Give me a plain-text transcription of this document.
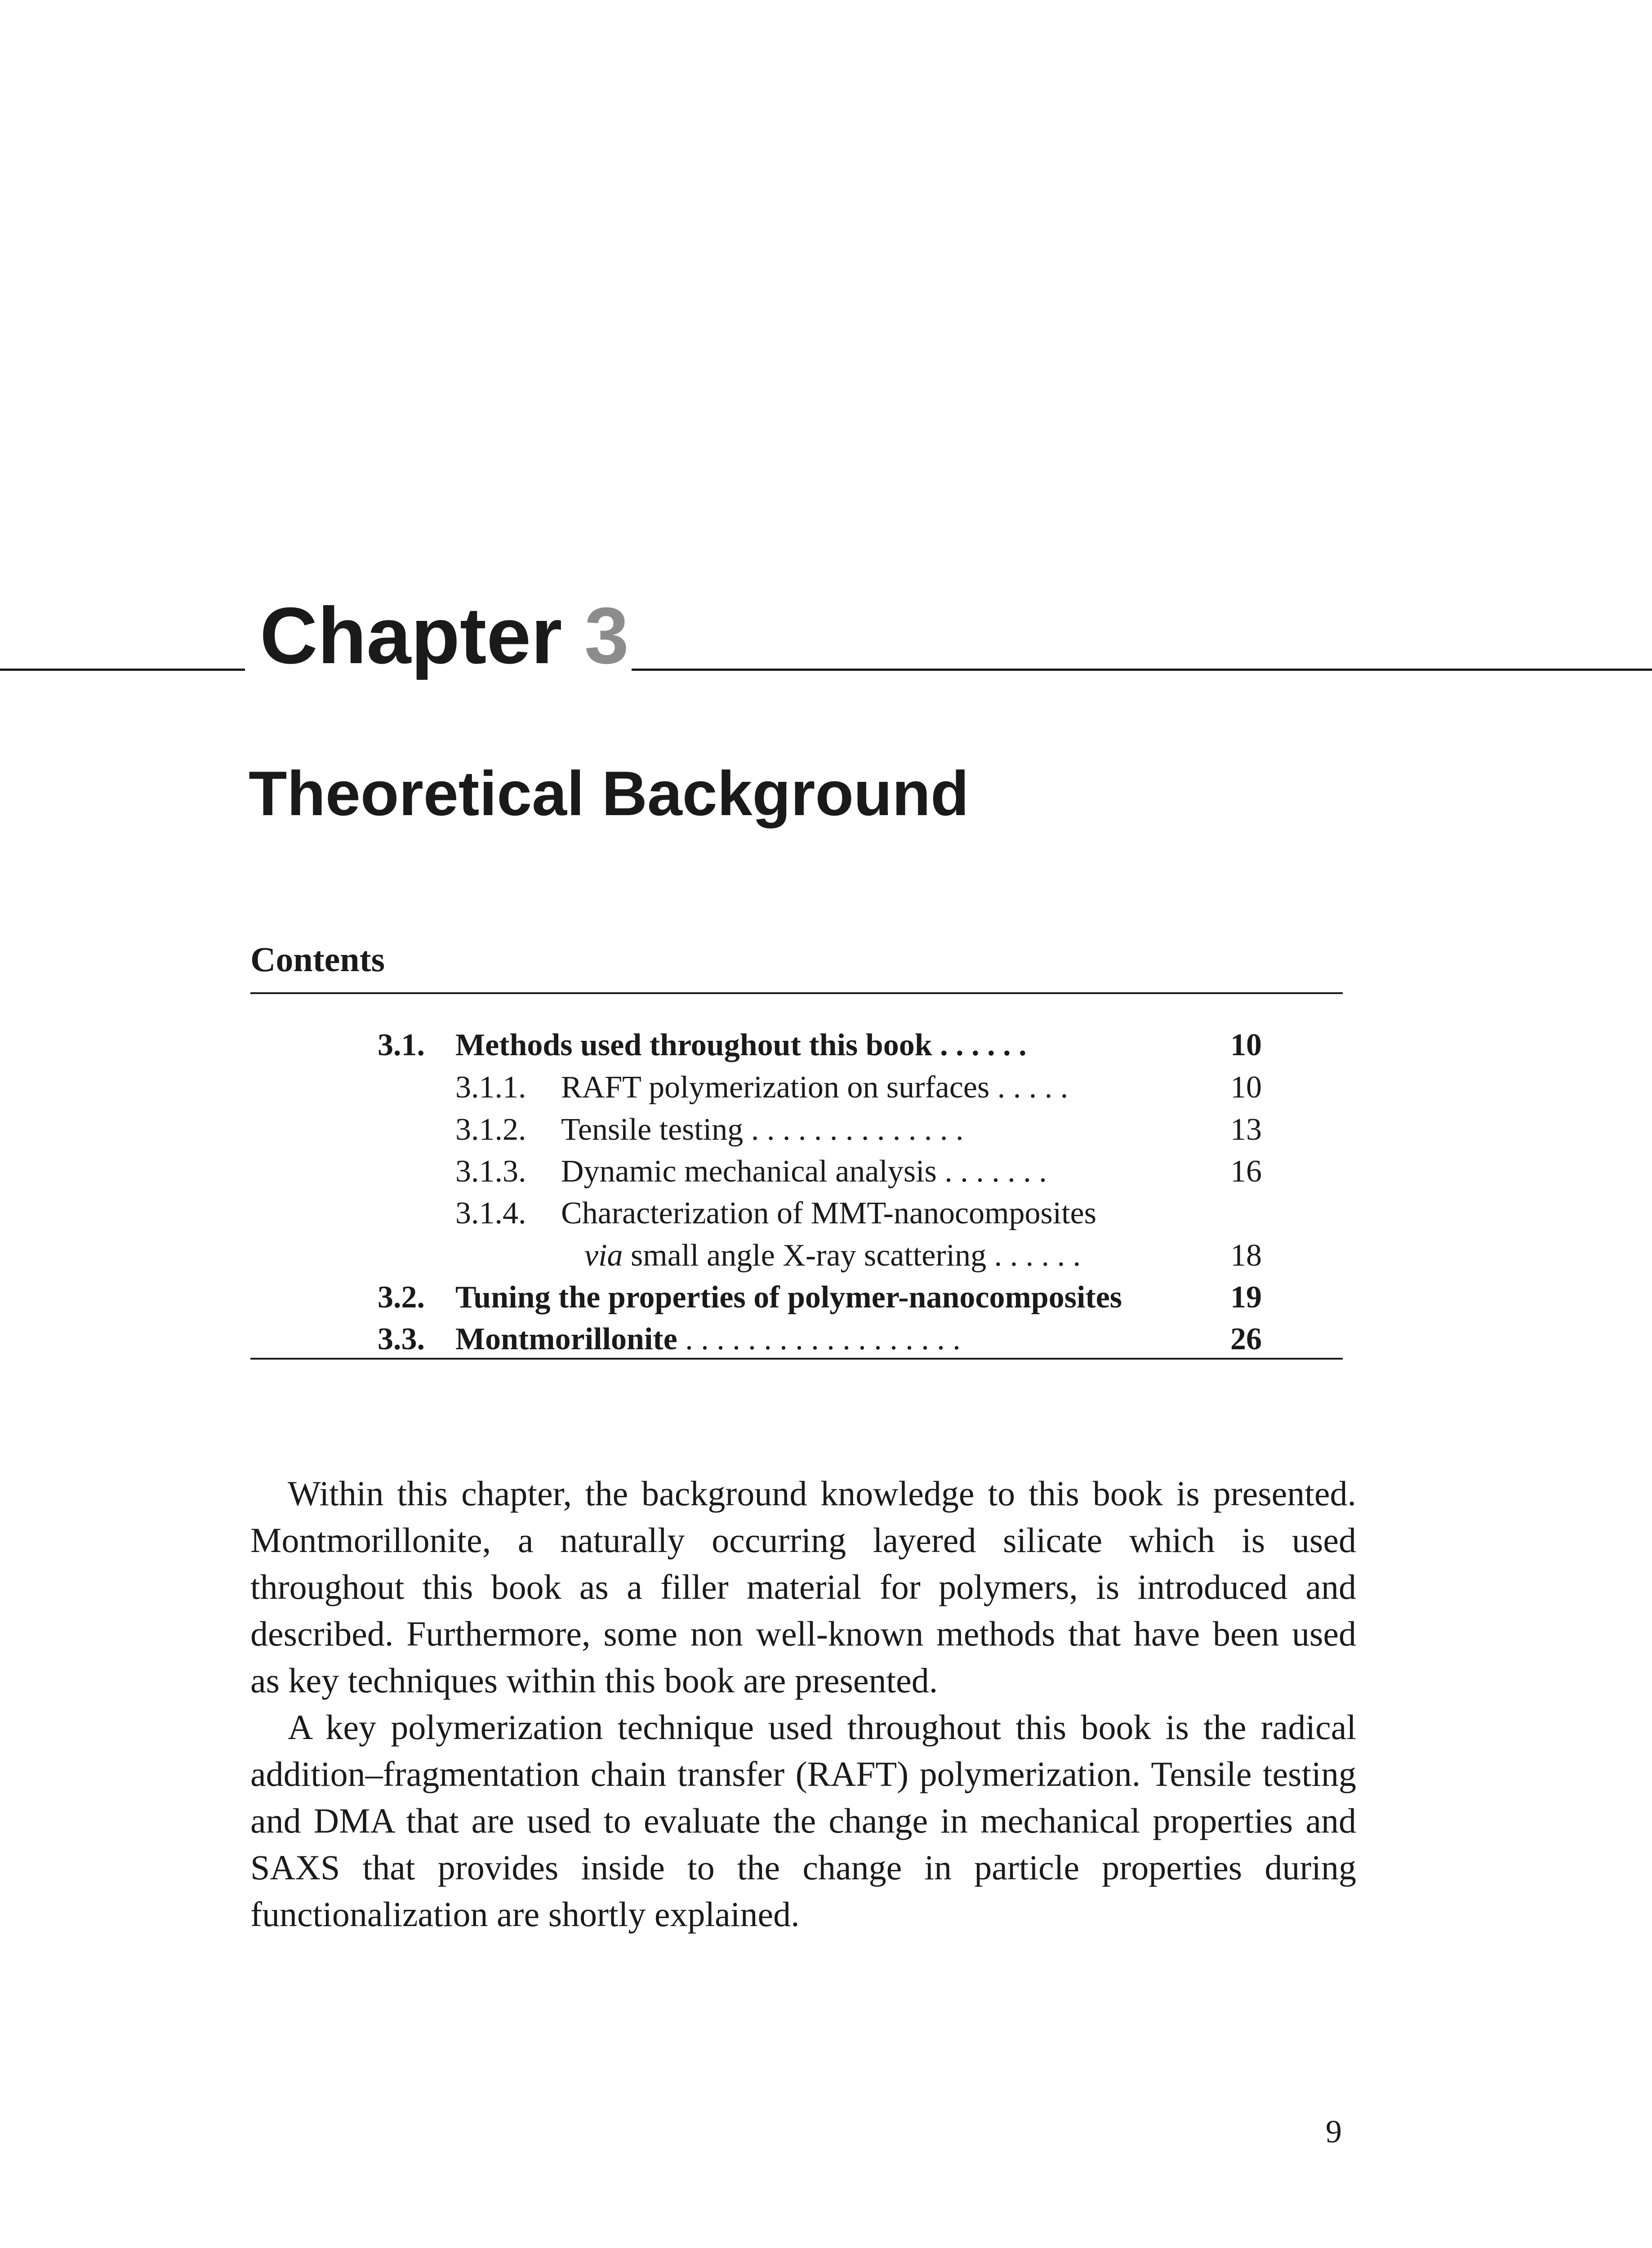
Chapter 3
Theoretical Background
Contents
3.1. Methods used throughout this book . . . . . .	10
3.1.1. RAFT polymerization on surfaces . . . . .	10
3.1.2. Tensile testing . . . . . . . . . . . . . .	13
3.1.3. Dynamic mechanical analysis . . . . . . .	16
3.1.4. Characterization of MMT-nanocomposites
via small angle X-ray scattering . . . . . .	18
3.2. Tuning the properties of polymer-nanocomposites	19
3.3. Montmorillonite . . . . . . . . . . . . . . . . . .	26

Within this chapter, the background knowledge to this book is presented. Montmorillonite, a naturally occurring layered silicate which is used throughout this book as a filler material for polymers, is introduced and described. Furthermore, some non well-known methods that have been used as key techniques within this book are presented.

A key polymerization technique used throughout this book is the radical addition–fragmentation chain transfer (RAFT) polymerization. Tensile testing and DMA that are used to evaluate the change in mechanical properties and SAXS that provides inside to the change in particle properties during functionalization are shortly explained.

9
